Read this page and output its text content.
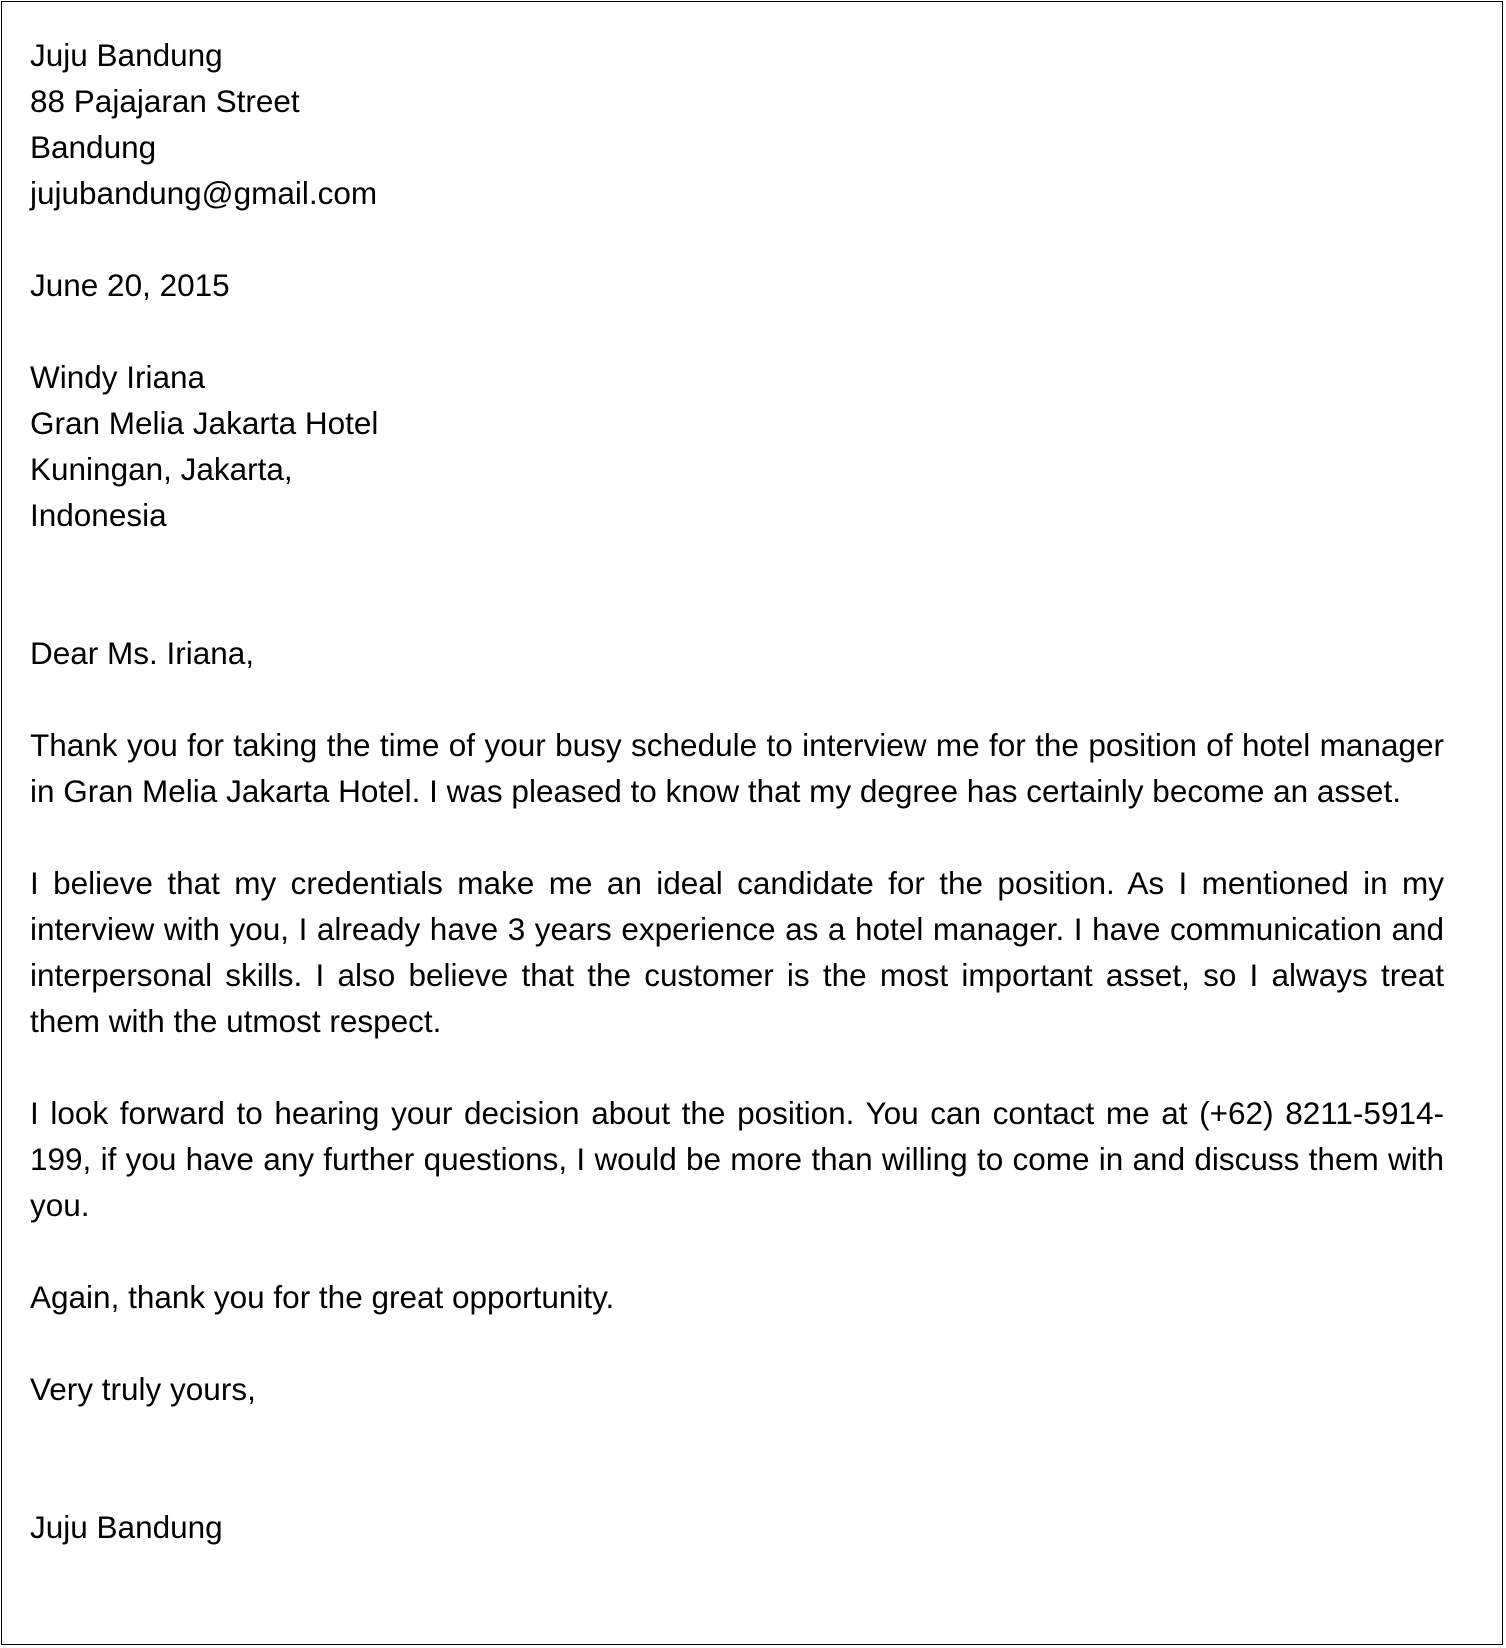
Juju Bandung
88 Pajajaran Street
Bandung
jujubandung@gmail.com
June 20, 2015
Windy Iriana
Gran Melia Jakarta Hotel
Kuningan, Jakarta,
Indonesia
Dear Ms. Iriana,

Thank you for taking the time of your busy schedule to interview me for the position of hotel manager in Gran Melia Jakarta Hotel. I was pleased to know that my degree has certainly become an asset.

I believe that my credentials make me an ideal candidate for the position. As I mentioned in my interview with you, I already have 3 years experience as a hotel manager. I have communication and interpersonal skills. I also believe that the customer is the most important asset, so I always treat them with the utmost respect.

I look forward to hearing your decision about the position. You can contact me at (+62) 8211-5914-199, if you have any further questions, I would be more than willing to come in and discuss them with you.

Again, thank you for the great opportunity.

Very truly yours,
Juju Bandung
